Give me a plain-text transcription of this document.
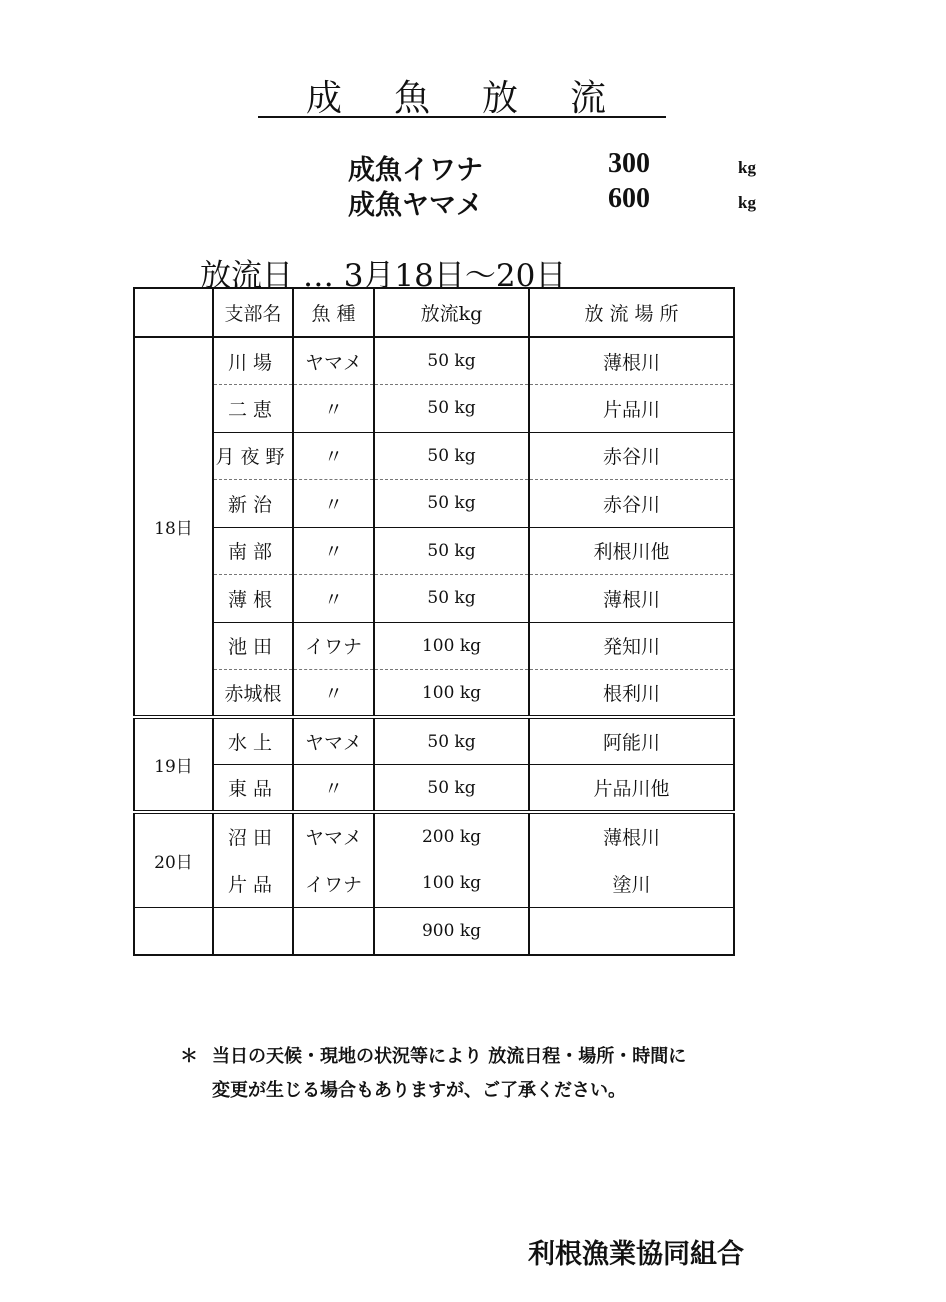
成魚放流
成魚イワナ	300	kg
成魚ヤマメ	600	kg
放流日 … 3月18日～20日
	支部名	魚 種	放流kg	放 流 場 所
18日	川場	ヤマメ	50 kg	薄根川
	二恵	〃	50 kg	片品川
	月夜野	〃	50 kg	赤谷川
	新治	〃	50 kg	赤谷川
	南部	〃	50 kg	利根川他
	薄根	〃	50 kg	薄根川
	池田	イワナ	100 kg	発知川
	赤城根	〃	100 kg	根利川
19日	水上	ヤマメ	50 kg	阿能川
	東品	〃	50 kg	片品川他
20日	沼田	ヤマメ	200 kg	薄根川
	片品	イワナ	100 kg	塗川
			900 kg	
＊ 当日の天候・現地の状況等により 放流日程・場所・時間に
変更が生じる場合もありますが、ご了承ください。
利根漁業協同組合
